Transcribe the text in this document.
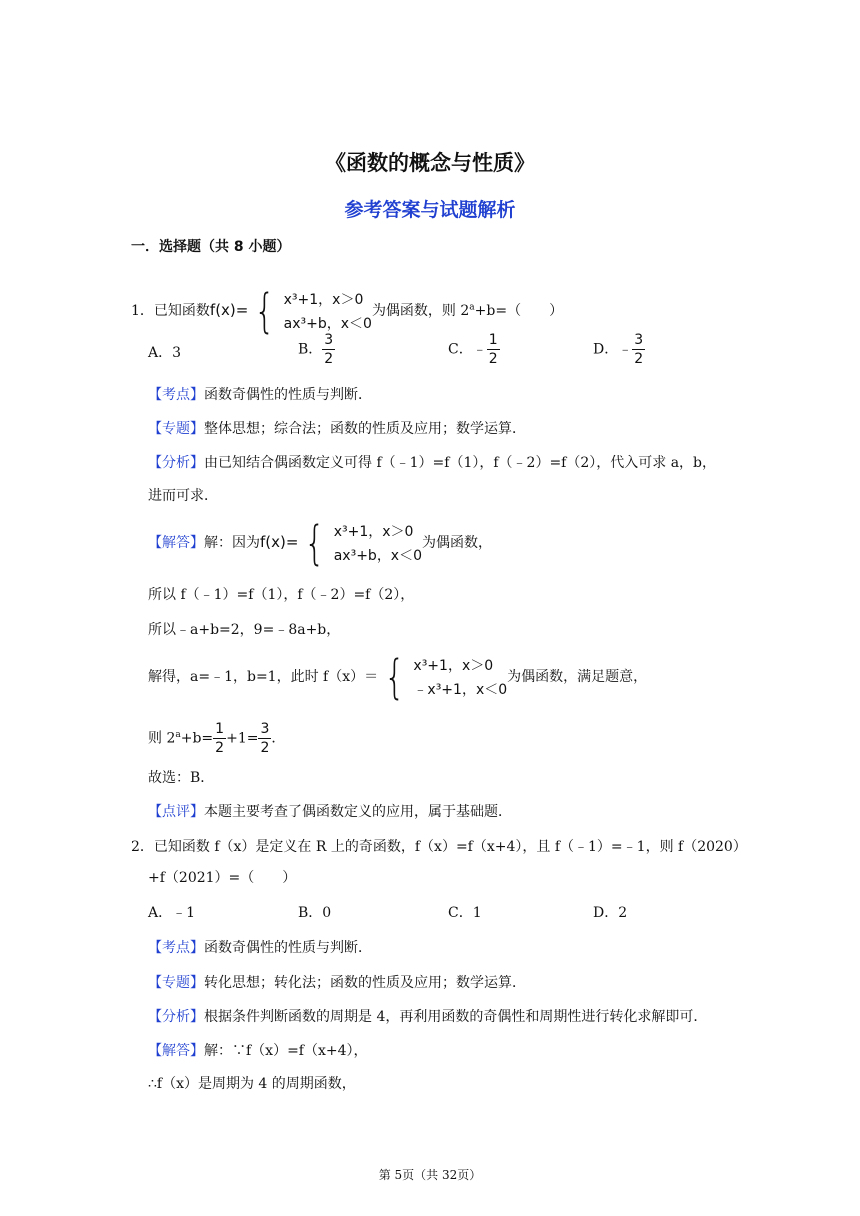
《函数的概念与性质》
参考答案与试题解析
一．选择题（共 8 小题）
1．已知函数f(x)= { x³+1，x＞0
ax³+b，x＜0
为偶函数，则 $2^a+b=$（　　）
A．3	B． $\frac{3}{2}$	C．﹣ $\frac{1}{2}$	D．﹣ $\frac{3}{2}$
【考点】函数奇偶性的性质与判断．
【专题】整体思想；综合法；函数的性质及应用；数学运算．
【分析】由已知结合偶函数定义可得 f（﹣1）=f（1），f（﹣2）=f（2），代入可求 a，b，
进而可求．
【解答】解：因为f(x)= { x³+1，x＞0
ax³+b，x＜0
为偶函数，
所以 f（﹣1）=f（1），f（﹣2）=f（2），
所以﹣a+b=2，9=﹣8a+b，
解得，a=﹣1，b=1，此时 f（x）＝ { x³+1，x＞0
﹣x³+1，x＜0
为偶函数，满足题意，
则 $2^a+b= \frac{1}{2} +1= \frac{3}{2}$ ．
故选：B．
【点评】本题主要考查了偶函数定义的应用，属于基础题．
2．已知函数 f（x）是定义在 R 上的奇函数，f（x）=f（x+4），且 f（﹣1）=﹣1，则 f（2020）
+f（2021）=（　　）
A．﹣1	B．0	C．1	D．2
【考点】函数奇偶性的性质与判断．
【专题】转化思想；转化法；函数的性质及应用；数学运算．
【分析】根据条件判断函数的周期是 4，再利用函数的奇偶性和周期性进行转化求解即可．
【解答】解：∵f（x）=f（x+4），
∴f（x）是周期为 4 的周期函数，
第 5页（共 32页）
